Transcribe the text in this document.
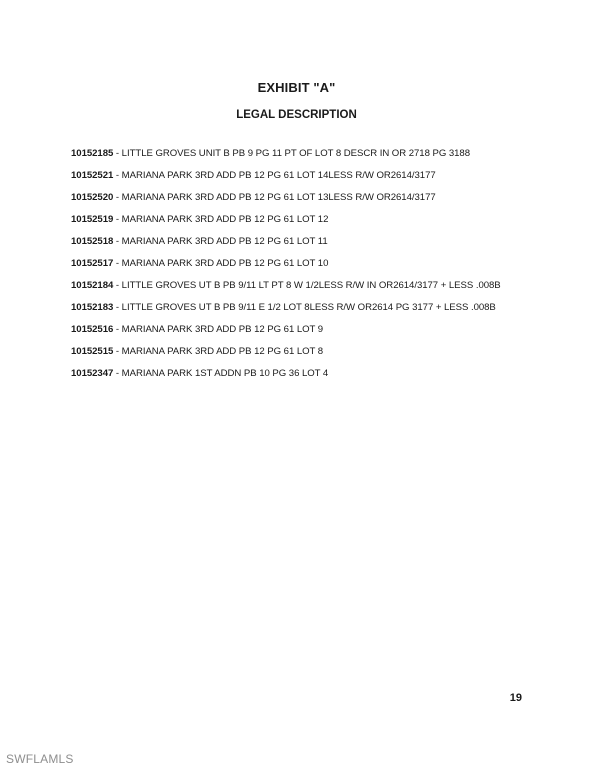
EXHIBIT "A"
LEGAL DESCRIPTION
10152185 - LITTLE GROVES UNIT B PB 9 PG 11 PT OF LOT 8 DESCR IN OR 2718 PG 3188
10152521 - MARIANA PARK 3RD ADD PB 12 PG 61 LOT 14LESS R/W OR2614/3177
10152520 - MARIANA PARK 3RD ADD PB 12 PG 61 LOT 13LESS R/W OR2614/3177
10152519 - MARIANA PARK 3RD ADD PB 12 PG 61 LOT 12
10152518 - MARIANA PARK 3RD ADD PB 12 PG 61 LOT 11
10152517 - MARIANA PARK 3RD ADD PB 12 PG 61 LOT 10
10152184 - LITTLE GROVES UT B PB 9/11 LT PT 8 W 1/2LESS R/W IN OR2614/3177 + LESS .008B
10152183 - LITTLE GROVES UT B PB 9/11 E 1/2 LOT 8LESS R/W OR2614 PG 3177 + LESS .008B
10152516 - MARIANA PARK 3RD ADD PB 12 PG 61 LOT 9
10152515 - MARIANA PARK 3RD ADD PB 12 PG 61 LOT 8
10152347 - MARIANA PARK 1ST ADDN PB 10 PG 36 LOT 4
19
SWFLAMLS
